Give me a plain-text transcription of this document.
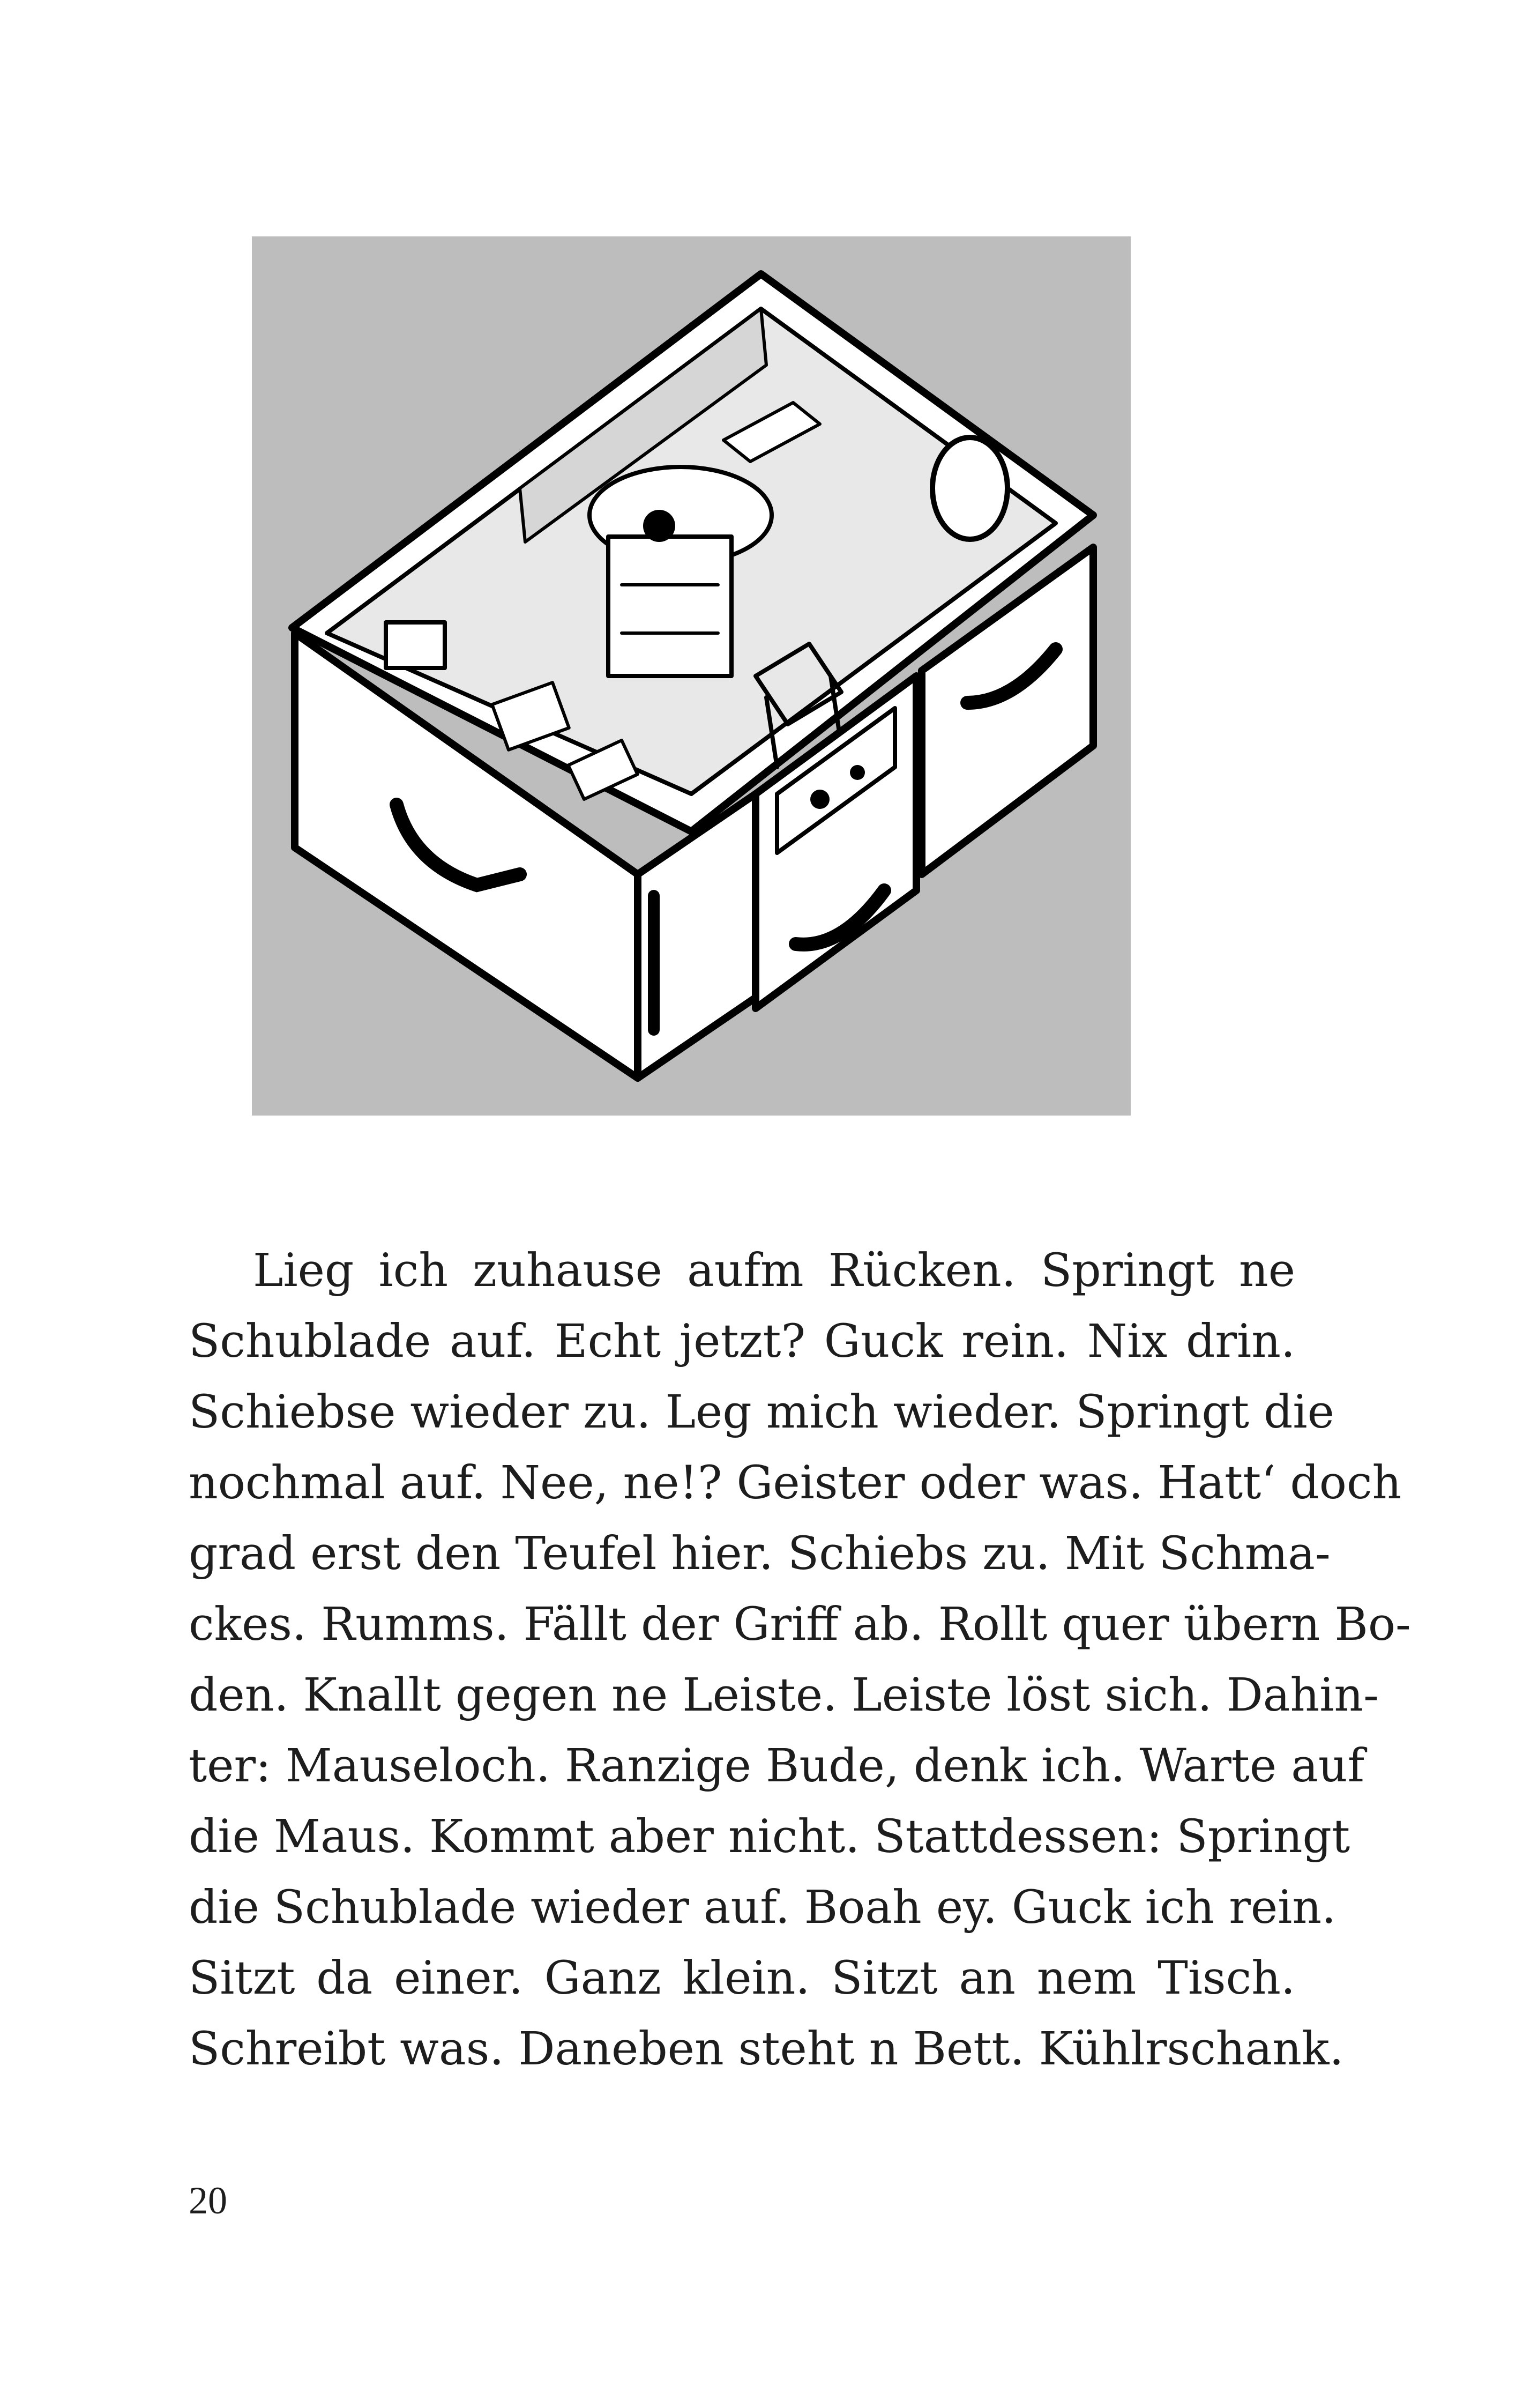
Lieg ich zuhause aufm Rücken. Springt ne
Schublade auf. Echt jetzt? Guck rein. Nix drin.
Schiebse wieder zu. Leg mich wieder. Springt die
nochmal auf. Nee, ne!? Geister oder was. Hatt‘ doch
grad erst den Teufel hier. Schiebs zu. Mit Schma-
ckes. Rumms. Fällt der Griff ab. Rollt quer übern Bo-
den. Knallt gegen ne Leiste. Leiste löst sich. Dahin-
ter: Mauseloch. Ranzige Bude, denk ich. Warte auf
die Maus. Kommt aber nicht. Stattdessen: Springt
die Schublade wieder auf. Boah ey. Guck ich rein.
Sitzt da einer. Ganz klein. Sitzt an nem Tisch.
Schreibt was. Daneben steht n Bett. Kühlrschank.
20
